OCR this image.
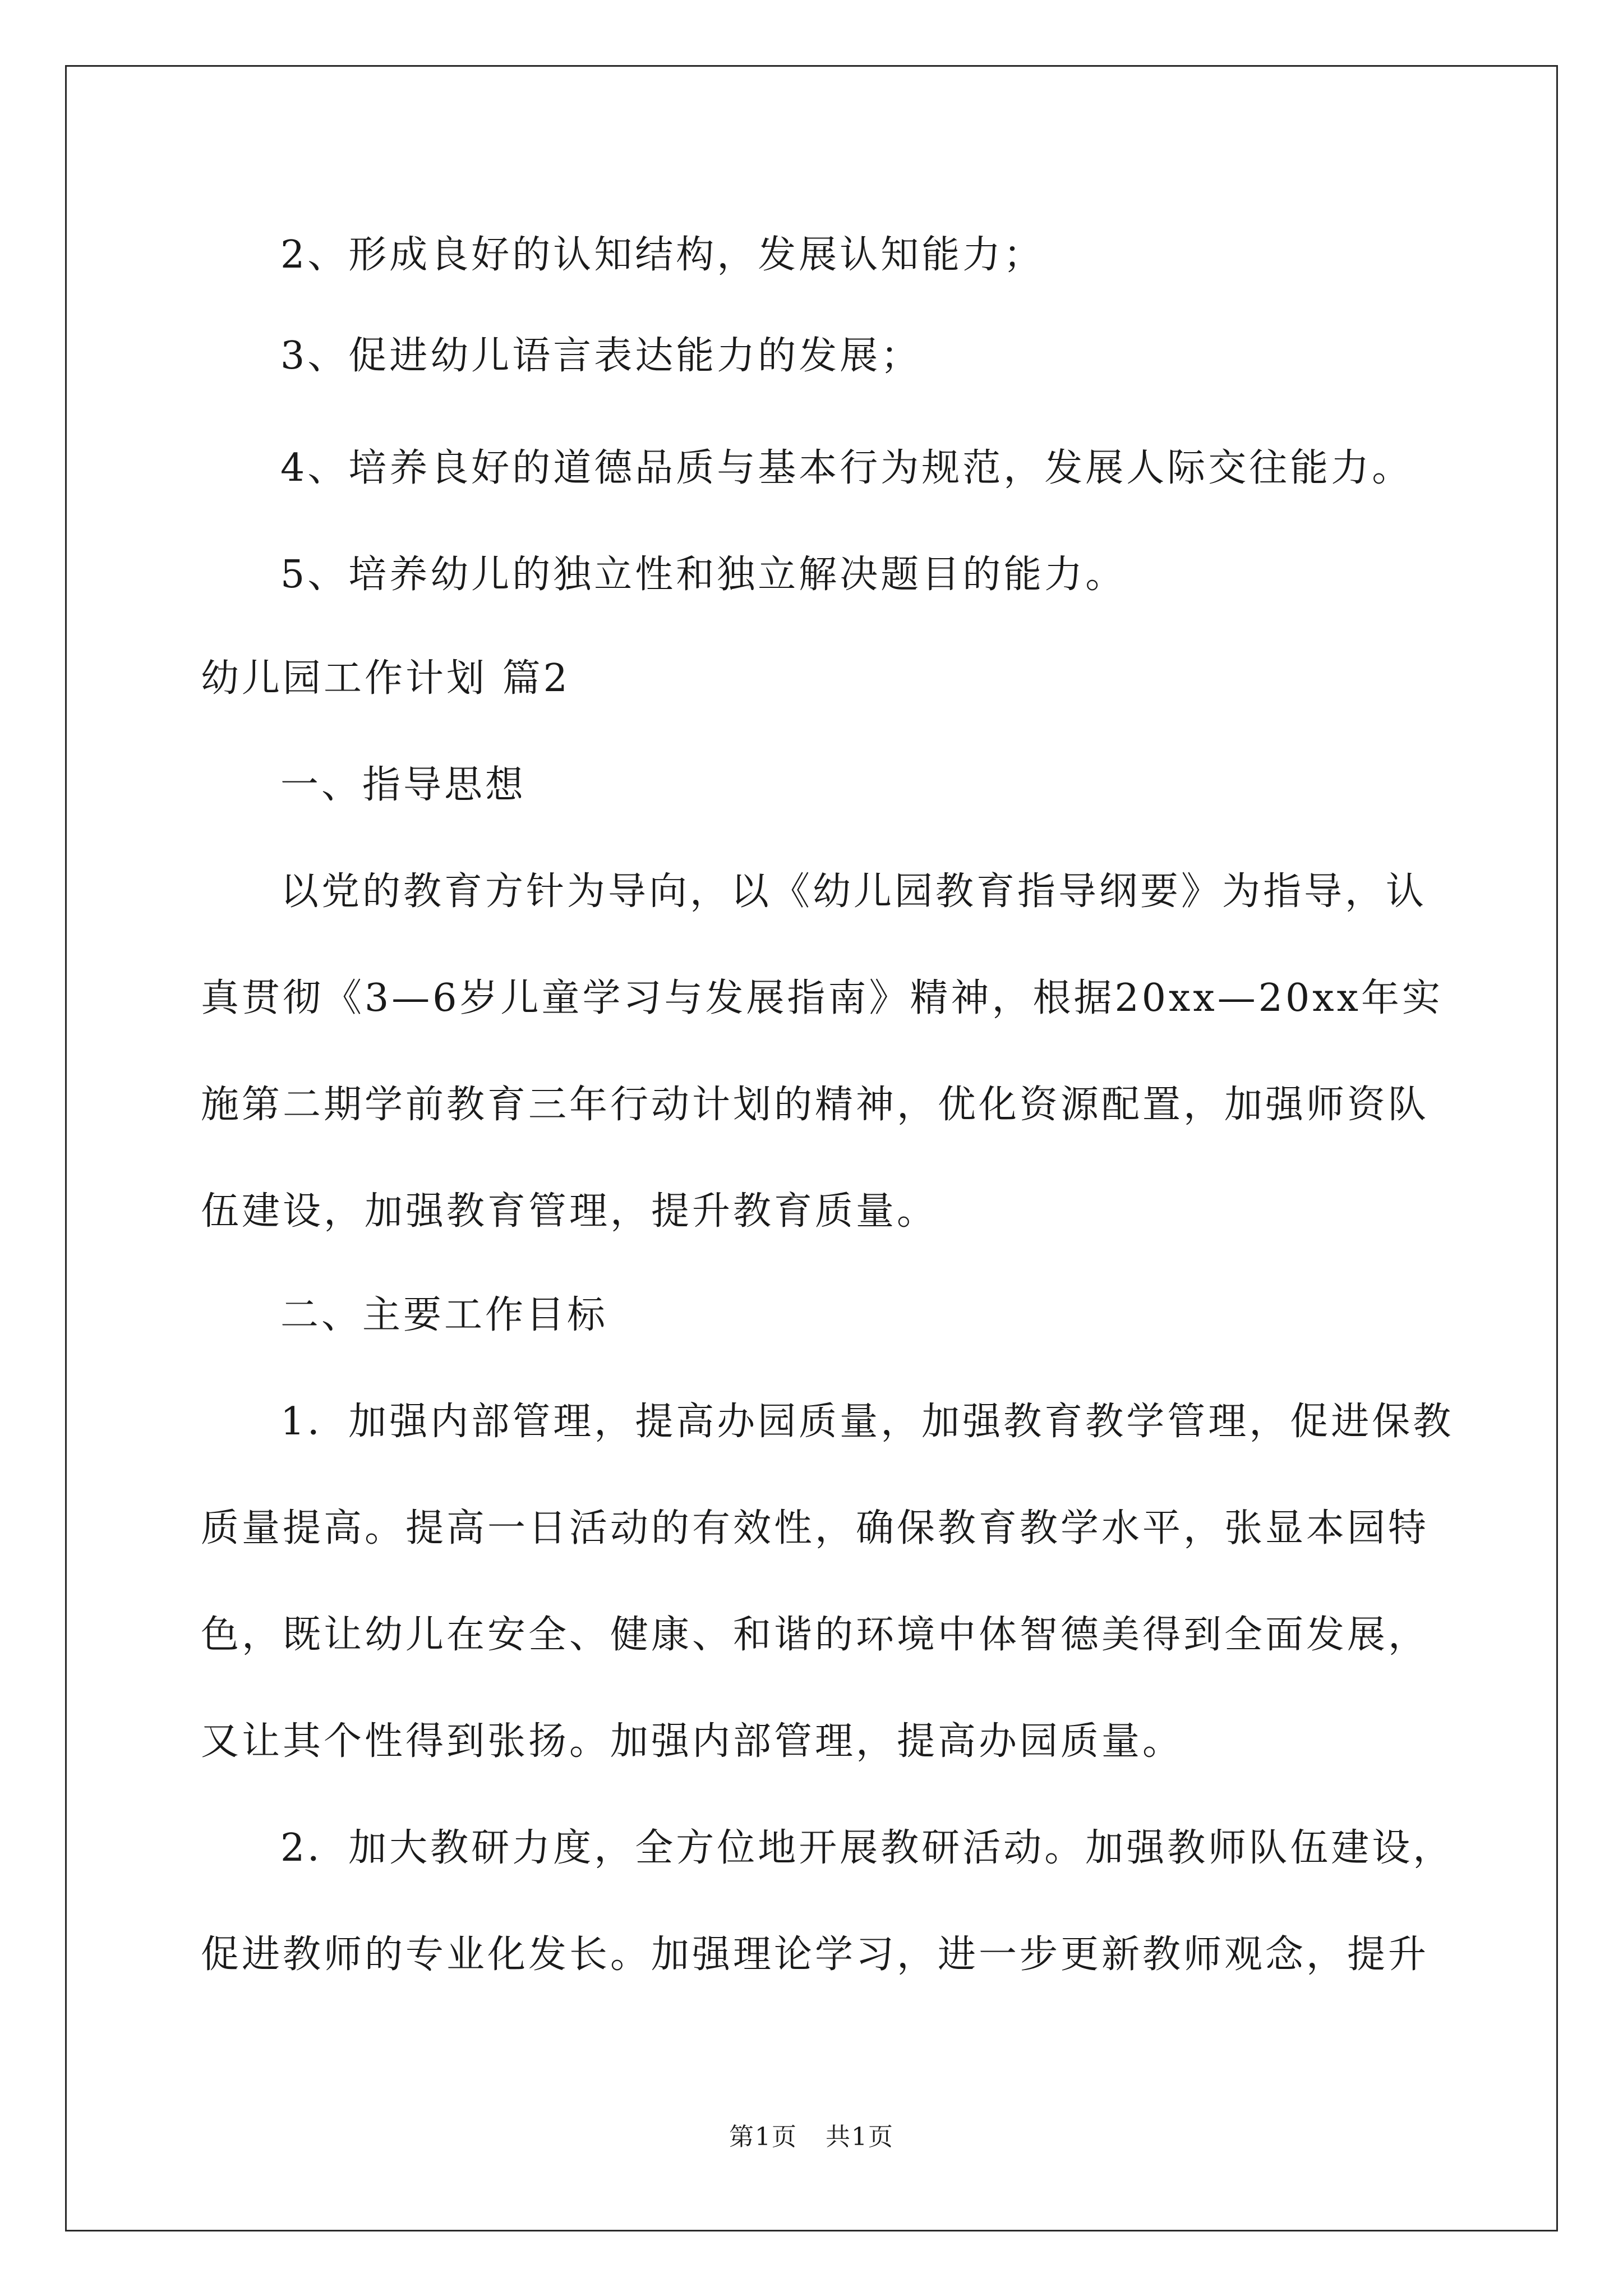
2、形成良好的认知结构，发展认知能力；
3、促进幼儿语言表达能力的发展；
4、培养良好的道德品质与基本行为规范，发展人际交往能力。
5、培养幼儿的独立性和独立解决题目的能力。
幼儿园工作计划 篇2
一、指导思想
以党的教育方针为导向，以《幼儿园教育指导纲要》为指导，认
真贯彻《3—6岁儿童学习与发展指南》精神，根据20xx—20xx年实
施第二期学前教育三年行动计划的精神，优化资源配置，加强师资队
伍建设，加强教育管理，提升教育质量。
二、主要工作目标
1．加强内部管理，提高办园质量，加强教育教学管理，促进保教
质量提高。提高一日活动的有效性，确保教育教学水平，张显本园特
色，既让幼儿在安全、健康、和谐的环境中体智德美得到全面发展，
又让其个性得到张扬。加强内部管理，提高办园质量。
2．加大教研力度，全方位地开展教研活动。加强教师队伍建设，
促进教师的专业化发长。加强理论学习，进一步更新教师观念，提升
第1页 共1页
